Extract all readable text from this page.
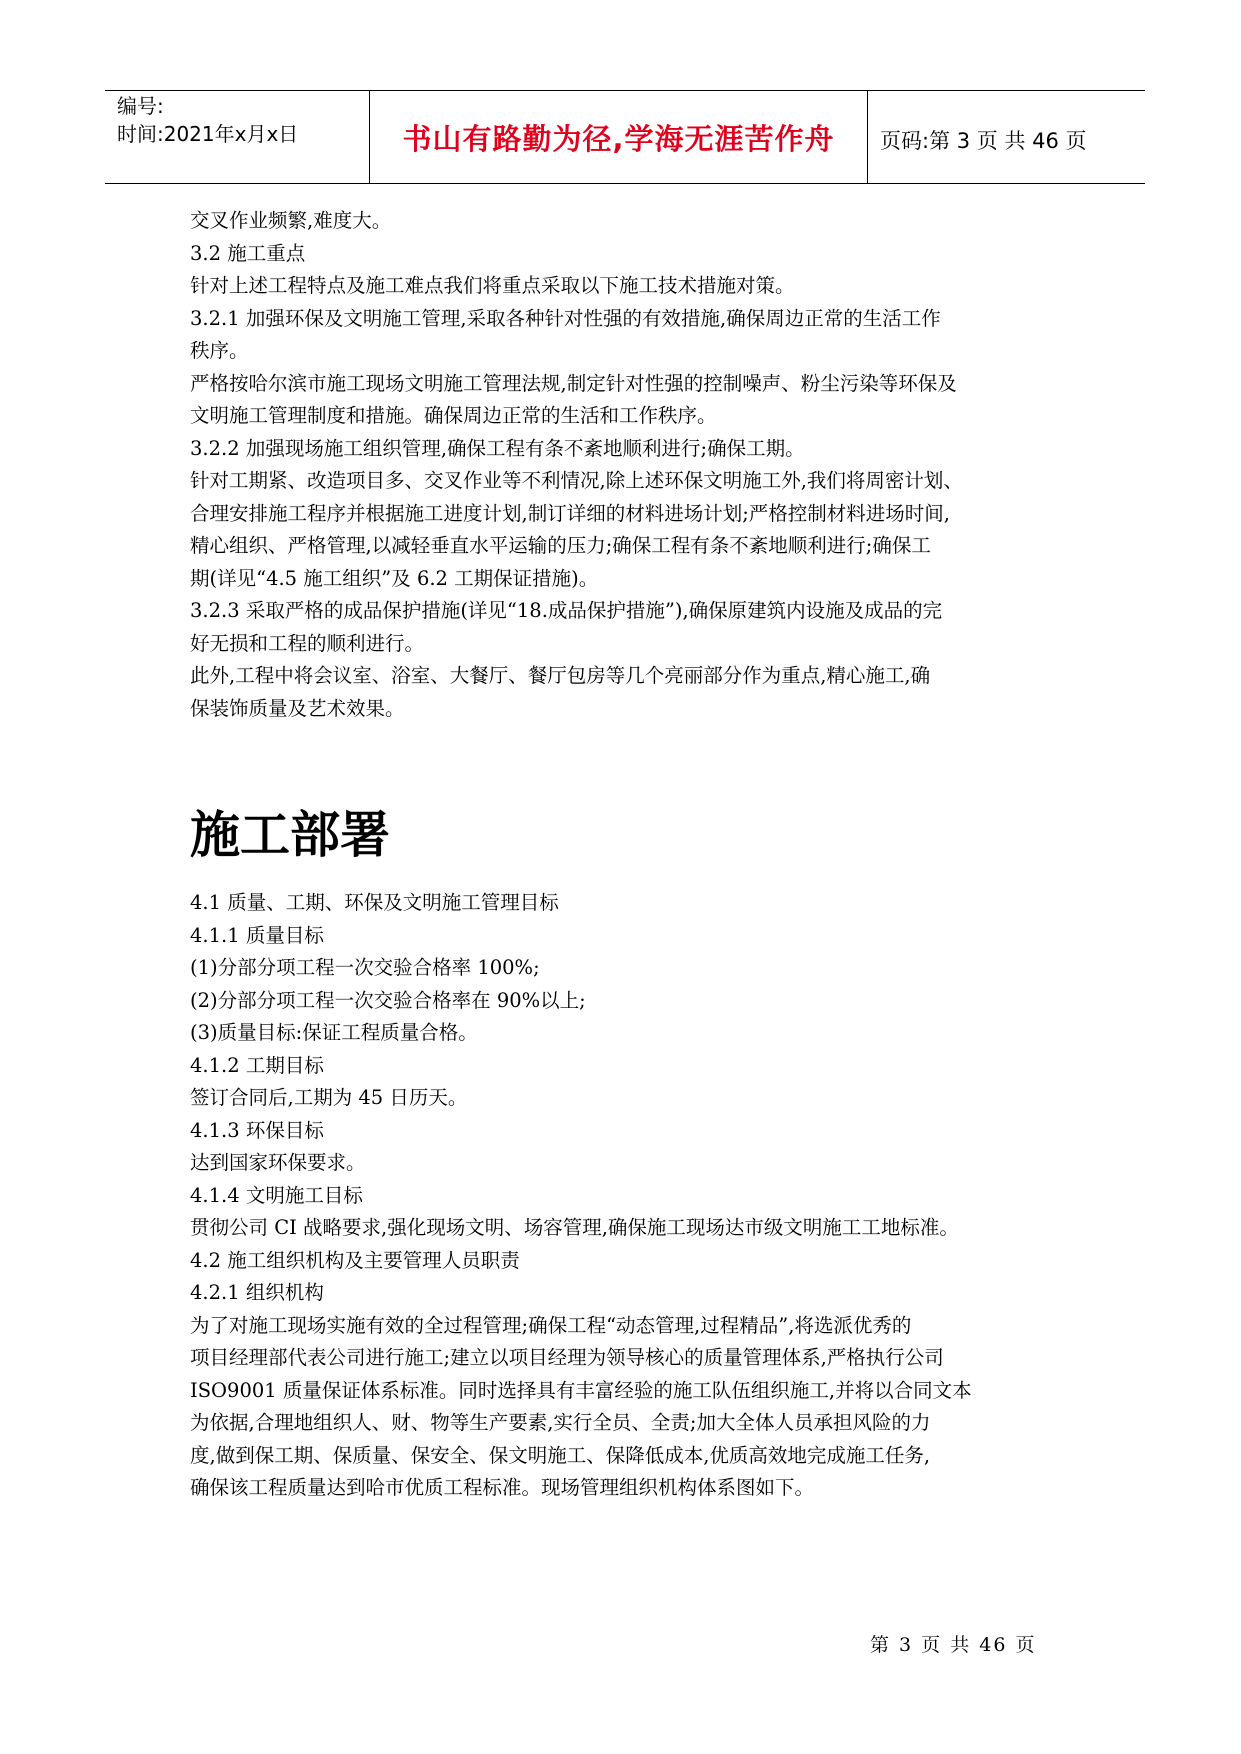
编号:
时间:2021年x月x日	书山有路勤为径,学海无涯苦作舟	页码:第 3 页 共 46 页

交叉作业频繁,难度大。

3.2 施工重点

针对上述工程特点及施工难点我们将重点采取以下施工技术措施对策。

3.2.1 加强环保及文明施工管理,采取各种针对性强的有效措施,确保周边正常的生活工作

秩序。

严格按哈尔滨市施工现场文明施工管理法规,制定针对性强的控制噪声、粉尘污染等环保及

文明施工管理制度和措施。确保周边正常的生活和工作秩序。

3.2.2 加强现场施工组织管理,确保工程有条不紊地顺利进行;确保工期。

针对工期紧、改造项目多、交叉作业等不利情况,除上述环保文明施工外,我们将周密计划、

合理安排施工程序并根据施工进度计划,制订详细的材料进场计划;严格控制材料进场时间,

精心组织、严格管理,以减轻垂直水平运输的压力;确保工程有条不紊地顺利进行;确保工

期(详见“4.5 施工组织”及 6.2 工期保证措施)。

3.2.3 采取严格的成品保护措施(详见“18.成品保护措施”),确保原建筑内设施及成品的完

好无损和工程的顺利进行。

此外,工程中将会议室、浴室、大餐厅、餐厅包房等几个亮丽部分作为重点,精心施工,确

保装饰质量及艺术效果。

施工部署

4.1 质量、工期、环保及文明施工管理目标

4.1.1 质量目标

(1)分部分项工程一次交验合格率 100%;

(2)分部分项工程一次交验合格率在 90%以上;

(3)质量目标:保证工程质量合格。

4.1.2 工期目标

签订合同后,工期为 45 日历天。

4.1.3 环保目标

达到国家环保要求。

4.1.4 文明施工目标

贯彻公司 CI 战略要求,强化现场文明、场容管理,确保施工现场达市级文明施工工地标准。

4.2 施工组织机构及主要管理人员职责

4.2.1 组织机构

为了对施工现场实施有效的全过程管理;确保工程“动态管理,过程精品”,将选派优秀的

项目经理部代表公司进行施工;建立以项目经理为领导核心的质量管理体系,严格执行公司

ISO9001 质量保证体系标准。同时选择具有丰富经验的施工队伍组织施工,并将以合同文本

为依据,合理地组织人、财、物等生产要素,实行全员、全责;加大全体人员承担风险的力

度,做到保工期、保质量、保安全、保文明施工、保降低成本,优质高效地完成施工任务,

确保该工程质量达到哈市优质工程标准。现场管理组织机构体系图如下。

第 3 页 共 46 页
